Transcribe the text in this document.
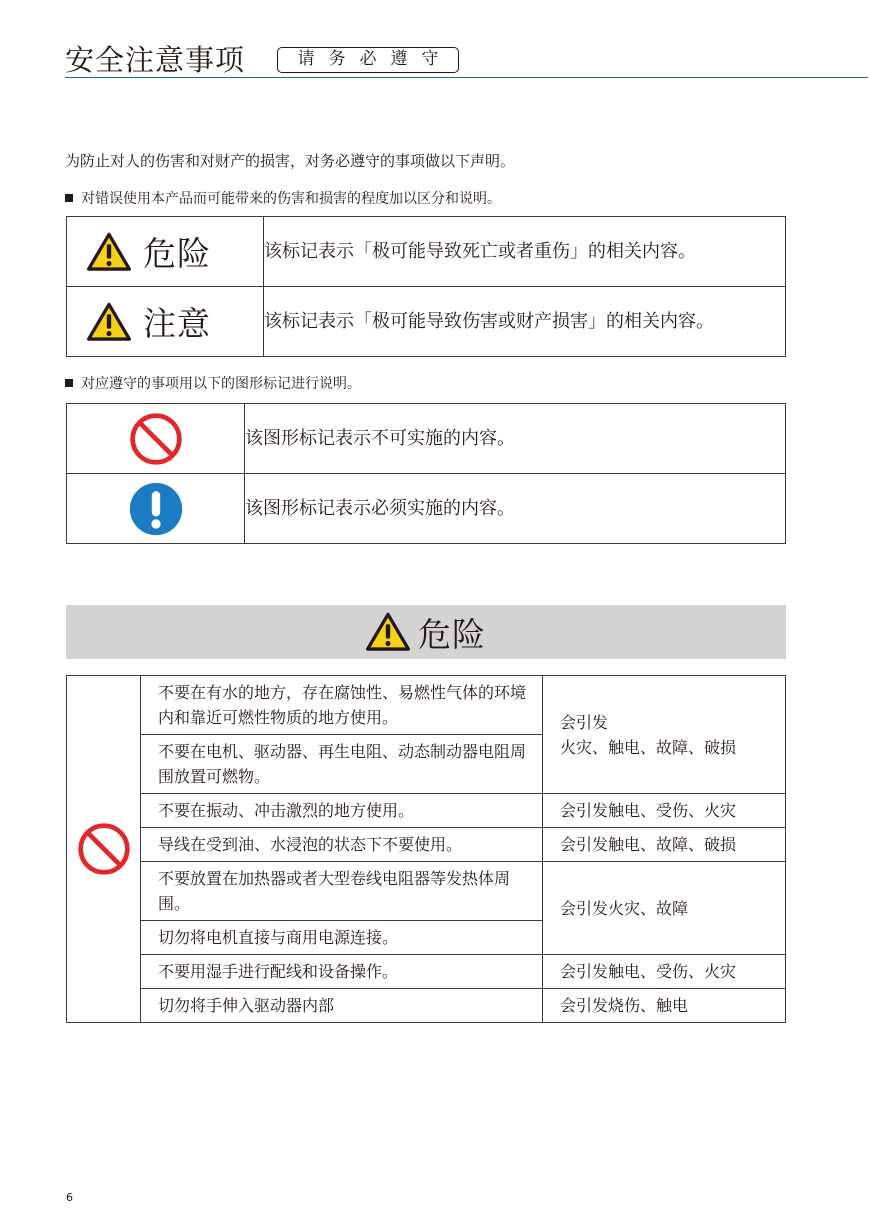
安全注意事项	请务必遵守
为防止对人的伤害和对财产的损害，对务必遵守的事项做以下声明。
对错误使用本产品而可能带来的伤害和损害的程度加以区分和说明。
危险	该标记表示「极可能导致死亡或者重伤」的相关内容。
注意	该标记表示「极可能导致伤害或财产损害」的相关内容。
对应遵守的事项用以下的图形标记进行说明。
	该图形标记表示不可实施的内容。
	该图形标记表示必须实施的内容。
危险
	不要在有水的地方，存在腐蚀性、易燃性气体的环境内和靠近可燃性物质的地方使用。	会引发
火灾、触电、故障、破损
	不要在电机、驱动器、再生电阻、动态制动器电阻周围放置可燃物。	
	不要在振动、冲击激烈的地方使用。	会引发触电、受伤、火灾
	导线在受到油、水浸泡的状态下不要使用。	会引发触电、故障、破损
	不要放置在加热器或者大型卷线电阻器等发热体周围。	会引发火灾、故障
	切勿将电机直接与商用电源连接。	
	不要用湿手进行配线和设备操作。	会引发触电、受伤、火灾
	切勿将手伸入驱动器内部	会引发烧伤、触电
6
